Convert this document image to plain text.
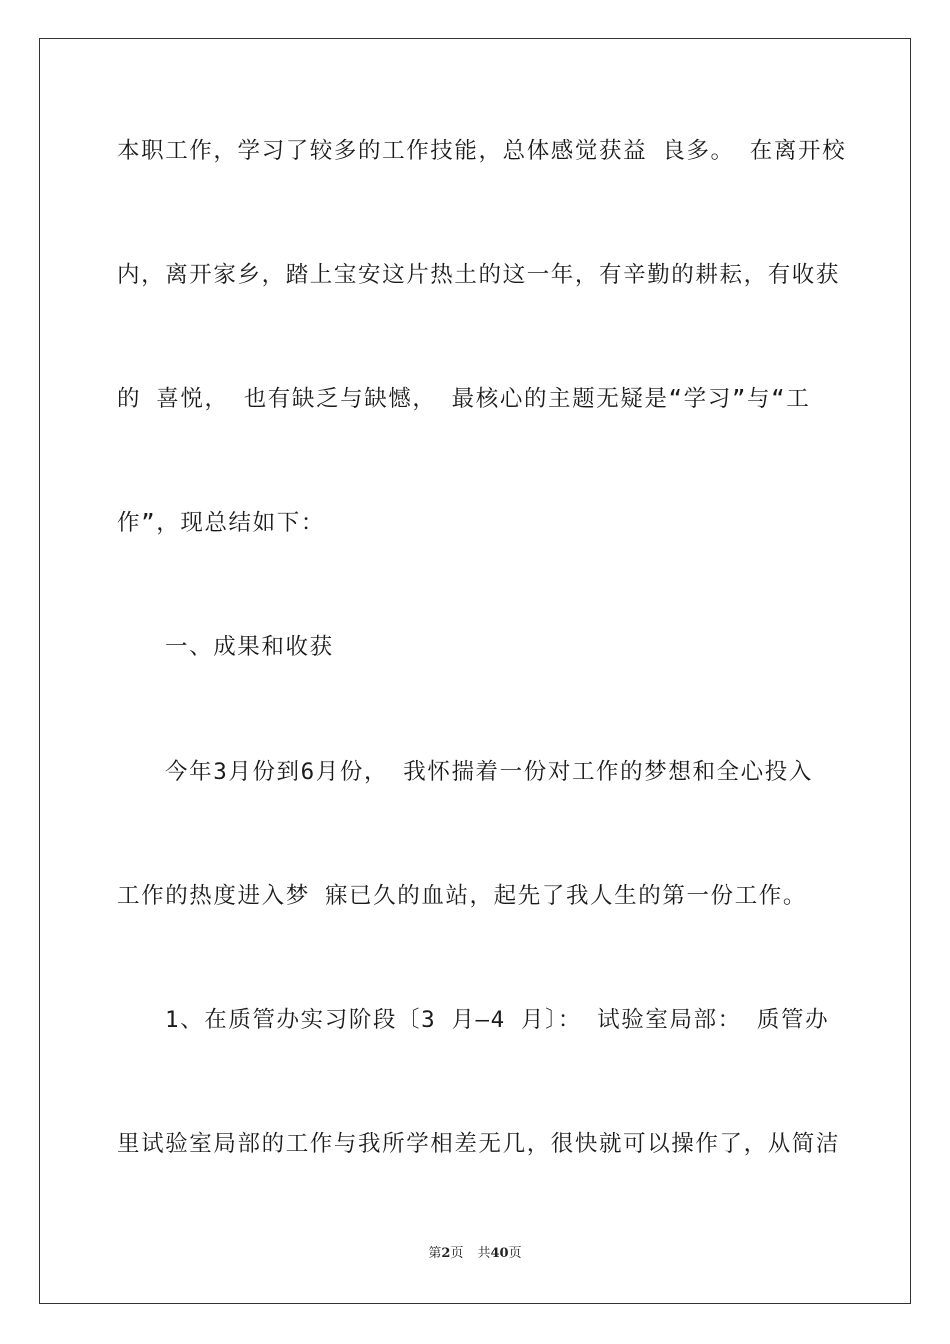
本职工作，学习了较多的工作技能，总体感觉获益 良多。 在离开校
内，离开家乡，踏上宝安这片热土的这一年，有辛勤的耕耘，有收获
的 喜悦， 也有缺乏与缺憾， 最核心的主题无疑是“学习”与“工
作”，现总结如下：
一、成果和收获
今年3月份到6月份， 我怀揣着一份对工作的梦想和全心投入
工作的热度进入梦 寐已久的血站，起先了我人生的第一份工作。
1、在质管办实习阶段〔3 月—4 月〕： 试验室局部： 质管办
里试验室局部的工作与我所学相差无几，很快就可以操作了，从简洁
第2页 共40页
